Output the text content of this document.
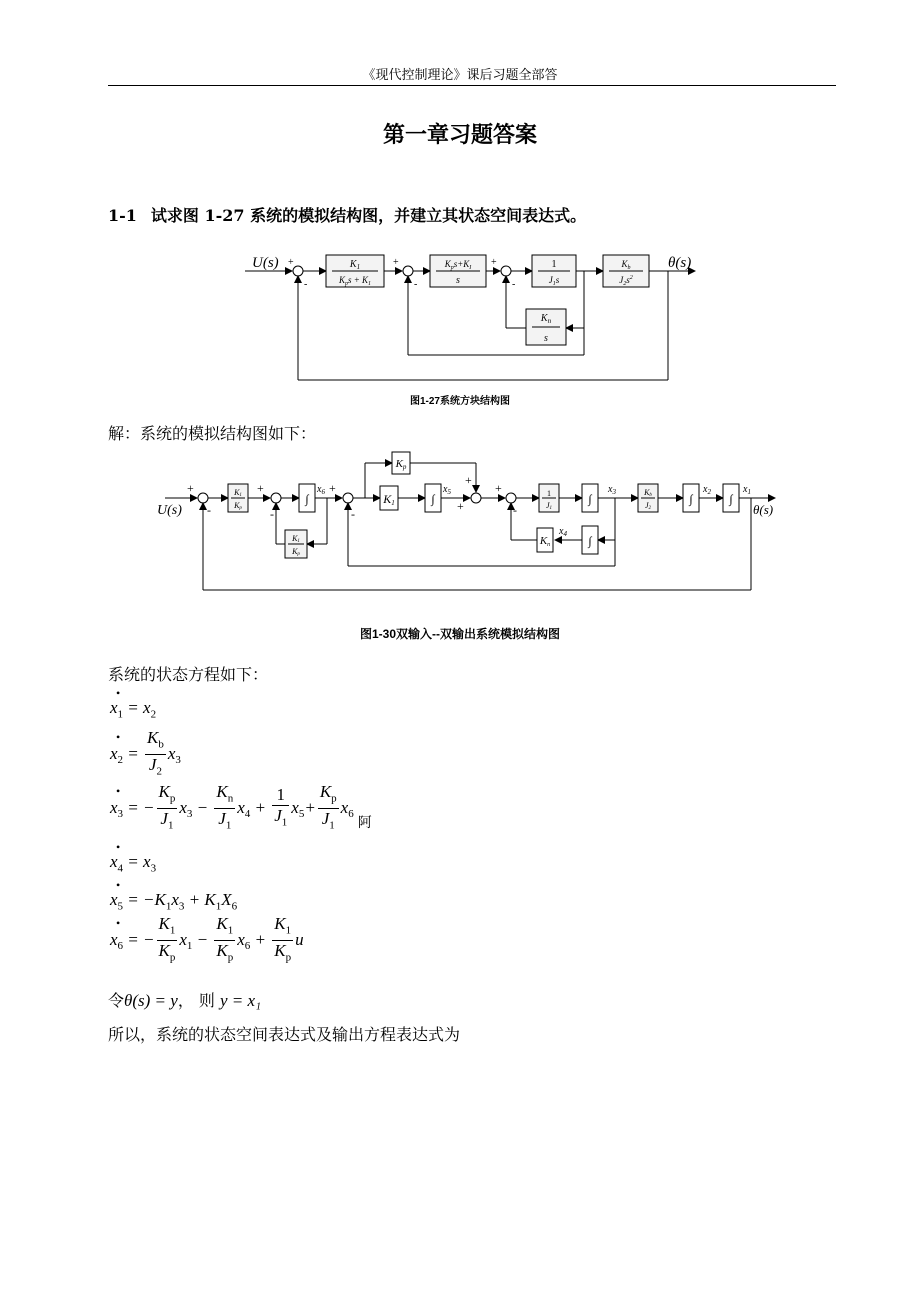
《现代控制理论》课后习题全部答
第一章习题答案
1-1 试求图 1-27 系统的模拟结构图，并建立其状态空间表达式。
U(s) +
-
$K_1$
$K_ps + K_1$
+
-
$K_ps+K_I$
s
+
-
1
$J_1s$
$K_b$
$J_2s^2$
θ(s)
$K_n$
s
图1-27系统方块结构图
解：系统的模拟结构图如下：
U(s)
+
-
K1
Kp
+
-
∫
$x_6$ +
-
K1
Kp
Kp
K1	∫
$x_5$
+
+
+
-
1
J1
∫
$x_3$	Kb
J2
∫
$x_2$ ∫
$x_1$
θ(s)
∫
$x_4$
Kn
图1-30双输入--双输出系统模拟结构图
系统的状态方程如下：
•
$x_1 = x_2$
•
$x_2 = \frac{K_b}{J_2} x_3$
•
$x_3$ = − $\frac{K_p}{J_1} x_3 - \frac{K_n}{J_1} x_4 + \frac{1}{J_1} x_5+ \frac{K_p}{J_1} x_{6阿}$
•
$x_4 = x_3$
•
$x_5 = -K_1x_3 + K_1X_6$
•
$x_6$ = − $\frac{K_1}{K_p} x_1 - \frac{K_1}{K_p} x_6 + \frac{K_1}{K_p}$ u
令θ(s) = y， 则 y = x₁
所以，系统的状态空间表达式及输出方程表达式为
